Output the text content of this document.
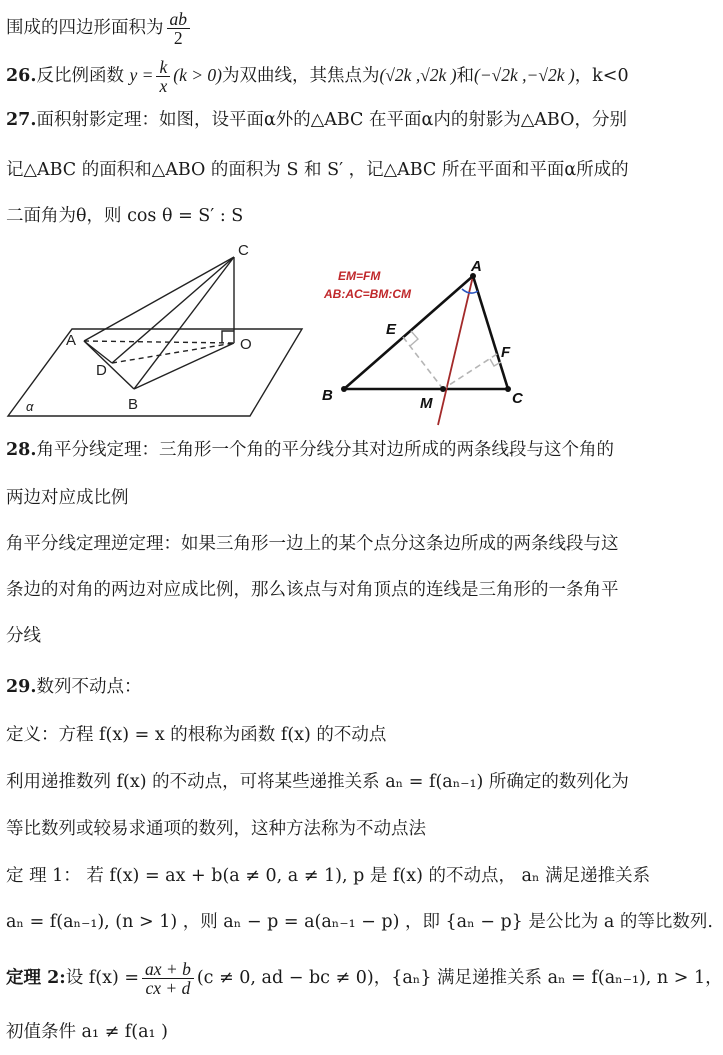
围成的四边形面积为 $\frac{ab}{2}$
26.反比例函数 $y = \frac{k}{x} (k > 0)$为双曲线，其焦点为(√2k ,√2k )和(−√2k ,−√2k )，k<0
27.面积射影定理：如图，设平面α外的△ABC 在平面α内的射影为△ABO，分别
记△ABC 的面积和△ABO 的面积为 S 和 S′ ，记△ABC 所在平面和平面α所成的
二面角为θ，则 cos θ = S′ : S
C
A	O
D
B
α
EM=FM
AB:AC=BM:CM
A
B	C
E
F
M
28.角平分线定理：三角形一个角的平分线分其对边所成的两条线段与这个角的
两边对应成比例
角平分线定理逆定理：如果三角形一边上的某个点分这条边所成的两条线段与这
条边的对角的两边对应成比例，那么该点与对角顶点的连线是三角形的一条角平
分线
29.数列不动点：
定义：方程 f(x) = x 的根称为函数 f(x) 的不动点
利用递推数列 f(x) 的不动点，可将某些递推关系 aₙ = f(aₙ₋₁) 所确定的数列化为
等比数列或较易求通项的数列，这种方法称为不动点法
定 理 1： 若 f(x) = ax + b(a ≠ 0, a ≠ 1), p 是 f(x) 的不动点， aₙ 满足递推关系
aₙ = f(aₙ₋₁), (n > 1) ，则 aₙ − p = a(aₙ₋₁ − p) ，即 {aₙ − p} 是公比为 a 的等比数列.
定理 2:设 $f(x) = \frac{ax + b}{cx + d} (c \ne 0$, ad − bc ≠ 0)，{aₙ} 满足递推关系 aₙ = f(aₙ₋₁), n > 1，
初值条件 a₁ ≠ f(a₁ )
